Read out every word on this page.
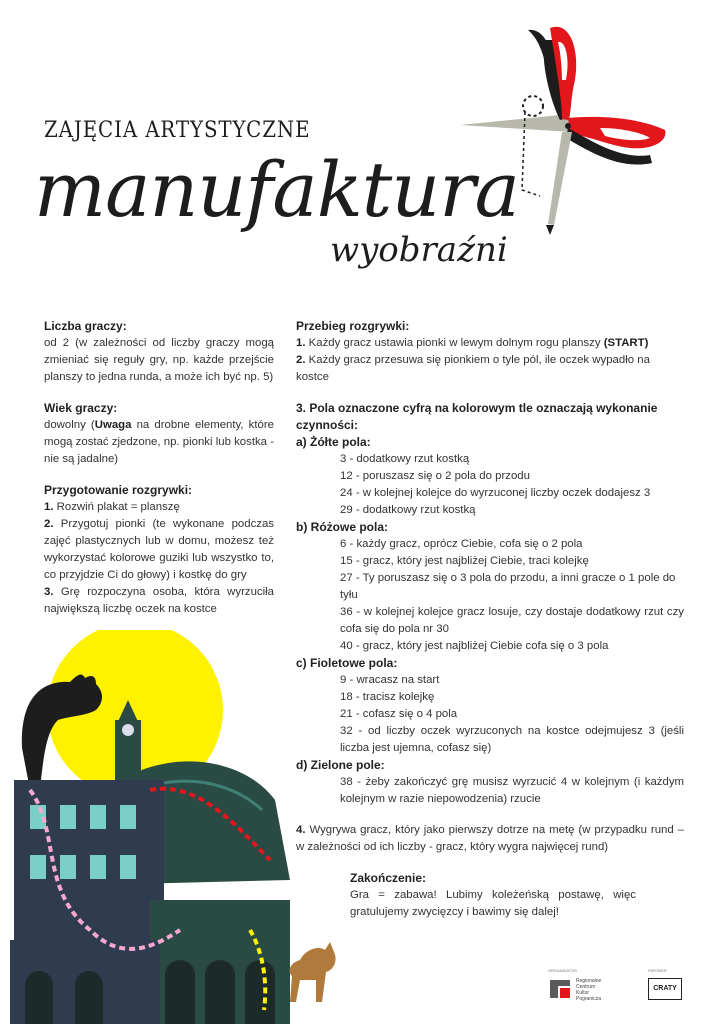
ZAJĘCIA ARTYSTYCZNE
manufaktura
wyobraźni
Liczba graczy:

od 2 (w zależności od liczby graczy mogą zmieniać się reguły gry, np. każde przejście planszy to jedna runda, a może ich być np. 5)

Wiek graczy:

dowolny (Uwaga na drobne elementy, które mogą zostać zjedzone, np. pionki lub kostka - nie są jadalne)

Przygotowanie rozgrywki:

1. Rozwiń plakat = planszę

2. Przygotuj pionki (te wykonane podczas zajęć plastycznych lub w domu, możesz też wykorzystać kolorowe guziki lub wszystko to, co przyjdzie Ci do głowy) i kostkę do gry

3. Grę rozpoczyna osoba, która wyrzuciła największą liczbę oczek na kostce

Przebieg rozgrywki:

1. Każdy gracz ustawia pionki w lewym dolnym rogu planszy (START)

2. Każdy gracz przesuwa się pionkiem o tyle pól, ile oczek wypadło na kostce

3. Pola oznaczone cyfrą na kolorowym tle oznaczają wykonanie czynności:
a) Żółte pola:

3 - dodatkowy rzut kostką

12 - poruszasz się o 2 pola do przodu

24 - w kolejnej kolejce do wyrzuconej liczby oczek dodajesz 3

29 - dodatkowy rzut kostką

b) Różowe pola:

6 - każdy gracz, oprócz Ciebie, cofa się o 2 pola

15 - gracz, który jest najbliżej Ciebie, traci kolejkę

27 - Ty poruszasz się o 3 pola do przodu, a inni gracze o 1 pole do tyłu

36 - w kolejnej kolejce gracz losuje, czy dostaje dodatkowy rzut czy cofa się do pola nr 30

40 - gracz, który jest najbliżej Ciebie cofa się o 3 pola

c) Fioletowe pola:

9 - wracasz na start

18 - tracisz kolejkę

21 - cofasz się o 4 pola

32 - od liczby oczek wyrzuconych na kostce odejmujesz 3 (jeśli liczba jest ujemna, cofasz się)

d) Zielone pole:

38 - żeby zakończyć grę musisz wyrzucić 4 w kolejnym (i każdym kolejnym w razie niepowodzenia) rzucie

4. Wygrywa gracz, który jako pierwszy dotrze na metę (w przypadku rund – w zależności od ich liczby - gracz, który wygra najwięcej rund)

Zakończenie:

Gra = zabawa! Lubimy koleżeńską postawę, więc gratulujemy zwycięzcy i bawimy się dalej!

ORGANIZATOR
Regionalne
Centrum
Kultur
Pogranicza
PARTNER
CRATY
